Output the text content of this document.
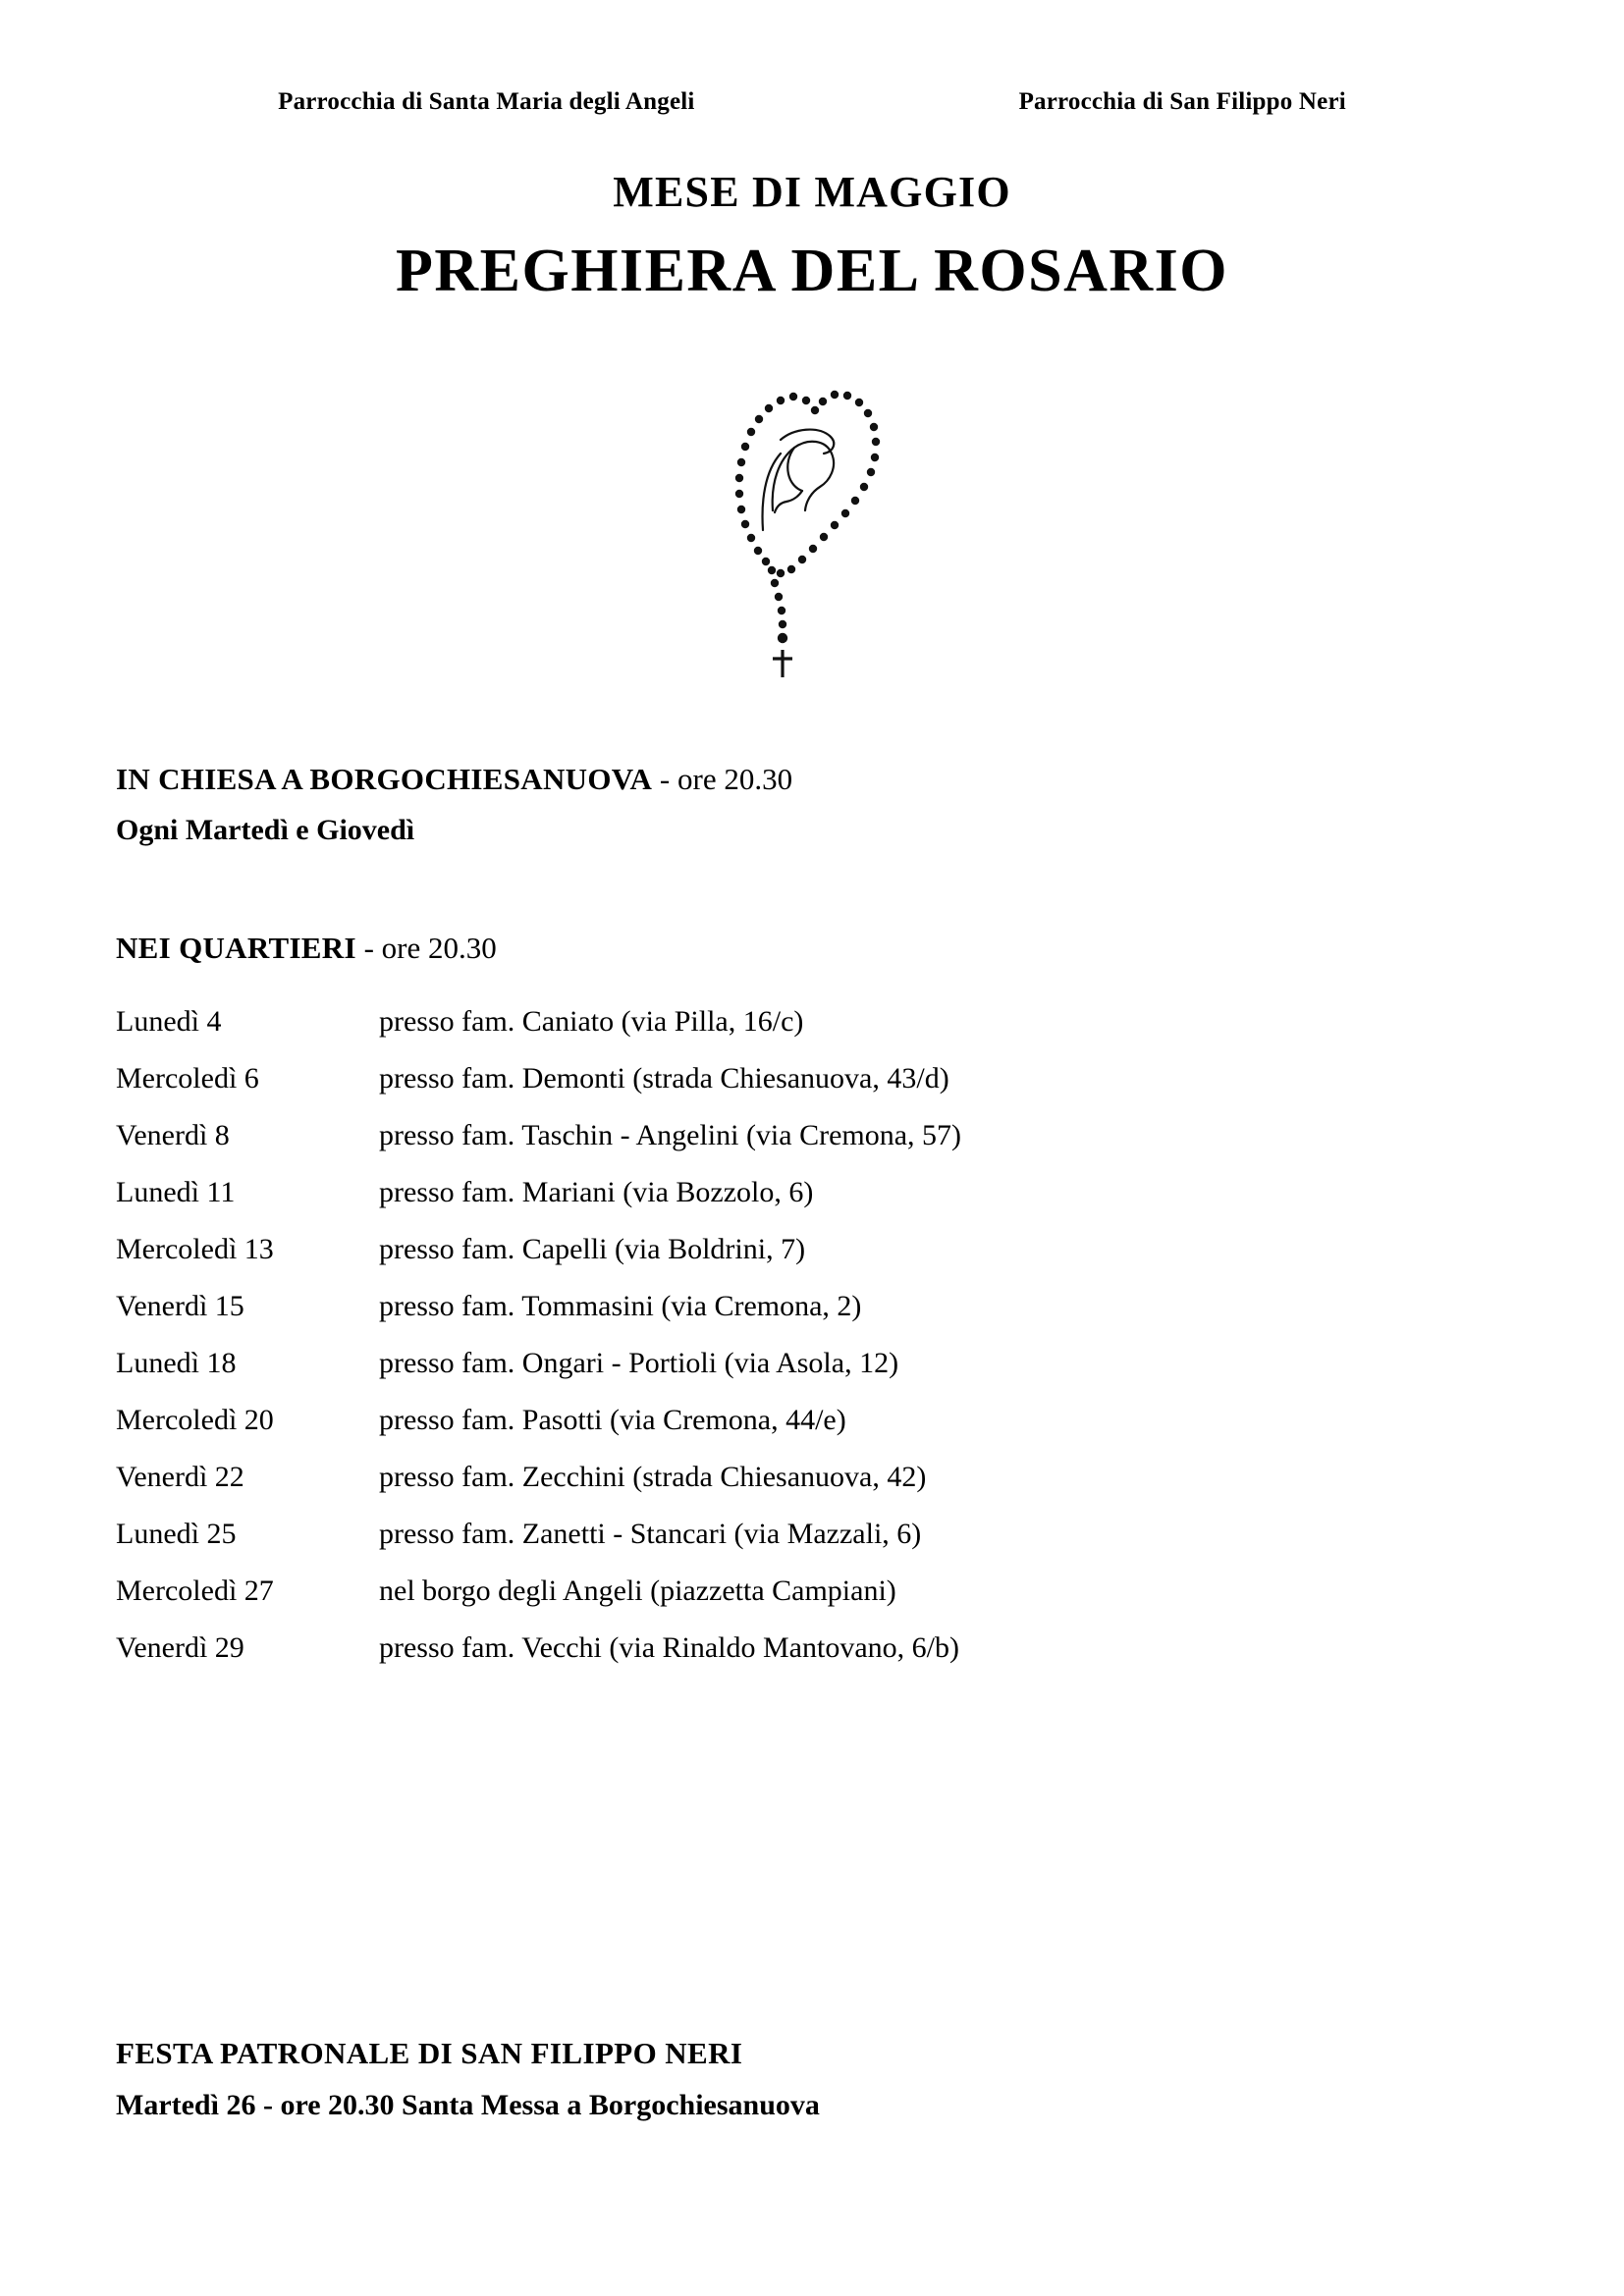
Parrocchia di Santa Maria degli Angeli	Parrocchia di San Filippo Neri
MESE DI MAGGIO
PREGHIERA DEL ROSARIO
IN CHIESA A BORGOCHIESANUOVA - ore 20.30
Ogni Martedì e Giovedì
NEI QUARTIERI - ore 20.30
Lunedì 4	presso fam. Caniato (via Pilla, 16/c)
Mercoledì 6	presso fam. Demonti (strada Chiesanuova, 43/d)
Venerdì 8	presso fam. Taschin - Angelini (via Cremona, 57)
Lunedì 11	presso fam. Mariani (via Bozzolo, 6)
Mercoledì 13	presso fam. Capelli (via Boldrini, 7)
Venerdì 15	presso fam. Tommasini (via Cremona, 2)
Lunedì 18	presso fam. Ongari - Portioli (via Asola, 12)
Mercoledì 20	presso fam. Pasotti (via Cremona, 44/e)
Venerdì 22	presso fam. Zecchini (strada Chiesanuova, 42)
Lunedì 25	presso fam. Zanetti - Stancari (via Mazzali, 6)
Mercoledì 27	nel borgo degli Angeli (piazzetta Campiani)
Venerdì 29	presso fam. Vecchi (via Rinaldo Mantovano, 6/b)
FESTA PATRONALE DI SAN FILIPPO NERI
Martedì 26 - ore 20.30 Santa Messa a Borgochiesanuova
